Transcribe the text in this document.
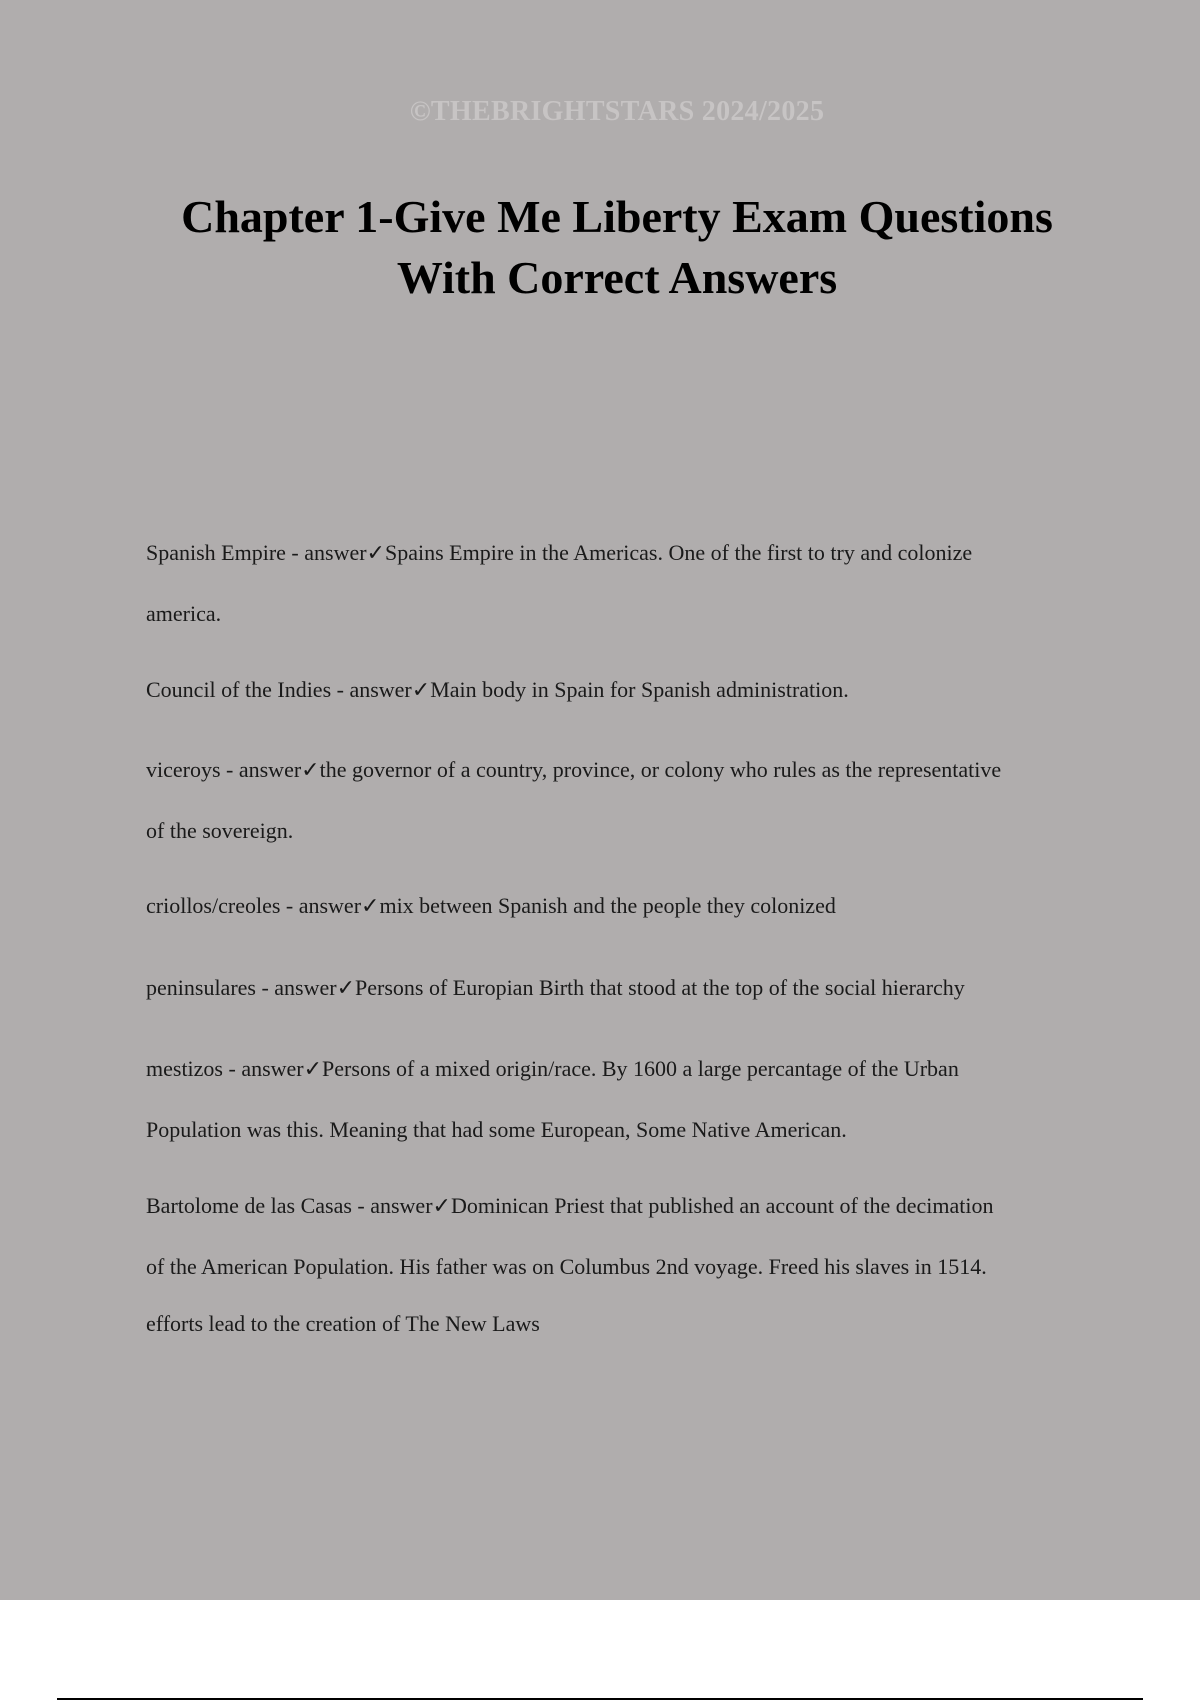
©THEBRIGHTSTARS 2024/2025
Chapter 1-Give Me Liberty Exam Questions
With Correct Answers

Spanish Empire - answer✓Spains Empire in the Americas. One of the first to try and colonize
america.

Council of the Indies - answer✓Main body in Spain for Spanish administration.

viceroys - answer✓the governor of a country, province, or colony who rules as the representative
of the sovereign.

criollos/creoles - answer✓mix between Spanish and the people they colonized

peninsulares - answer✓Persons of Europian Birth that stood at the top of the social hierarchy

mestizos - answer✓Persons of a mixed origin/race. By 1600 a large percantage of the Urban
Population was this. Meaning that had some European, Some Native American.

Bartolome de las Casas - answer✓Dominican Priest that published an account of the decimation
of the American Population. His father was on Columbus 2nd voyage. Freed his slaves in 1514.
efforts lead to the creation of The New Laws
